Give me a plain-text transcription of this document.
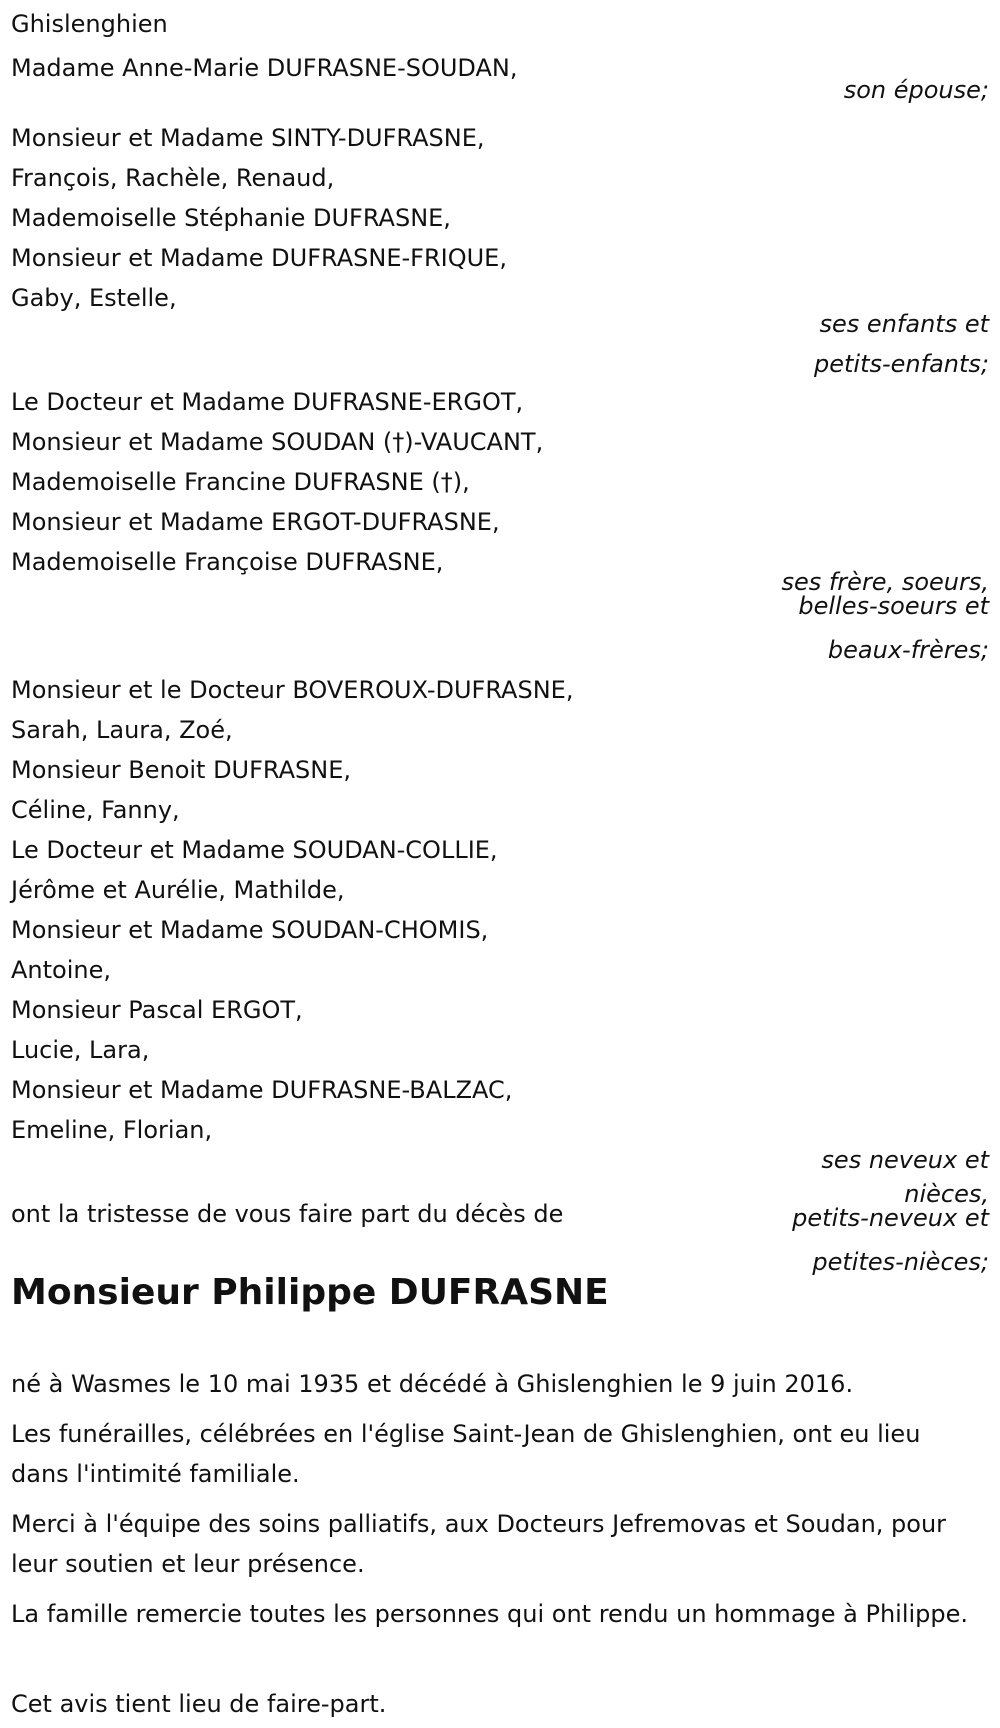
Ghislenghien
Madame Anne-Marie DUFRASNE-SOUDAN,
son épouse;
Monsieur et Madame SINTY-DUFRASNE,
François, Rachèle, Renaud,
Mademoiselle Stéphanie DUFRASNE,
Monsieur et Madame DUFRASNE-FRIQUE,
Gaby, Estelle,
ses enfants et
petits-enfants;
Le Docteur et Madame DUFRASNE-ERGOT,
Monsieur et Madame SOUDAN (†)-VAUCANT,
Mademoiselle Francine DUFRASNE (†),
Monsieur et Madame ERGOT-DUFRASNE,
Mademoiselle Françoise DUFRASNE,
ses frère, soeurs,
belles-soeurs et
beaux-frères;
Monsieur et le Docteur BOVEROUX-DUFRASNE,
Sarah, Laura, Zoé,
Monsieur Benoit DUFRASNE,
Céline, Fanny,
Le Docteur et Madame SOUDAN-COLLIE,
Jérôme et Aurélie, Mathilde,
Monsieur et Madame SOUDAN-CHOMIS,
Antoine,
Monsieur Pascal ERGOT,
Lucie, Lara,
Monsieur et Madame DUFRASNE-BALZAC,
Emeline, Florian,
ses neveux et
nièces,
petits-neveux et
petites-nièces;
ont la tristesse de vous faire part du décès de
Monsieur Philippe DUFRASNE
né à Wasmes le 10 mai 1935 et décédé à Ghislenghien le 9 juin 2016.
Les funérailles, célébrées en l'église Saint-Jean de Ghislenghien, ont eu lieu dans l'intimité familiale.
Merci à l'équipe des soins palliatifs, aux Docteurs Jefremovas et Soudan, pour leur soutien et leur présence.
La famille remercie toutes les personnes qui ont rendu un hommage à Philippe.
Cet avis tient lieu de faire-part.
